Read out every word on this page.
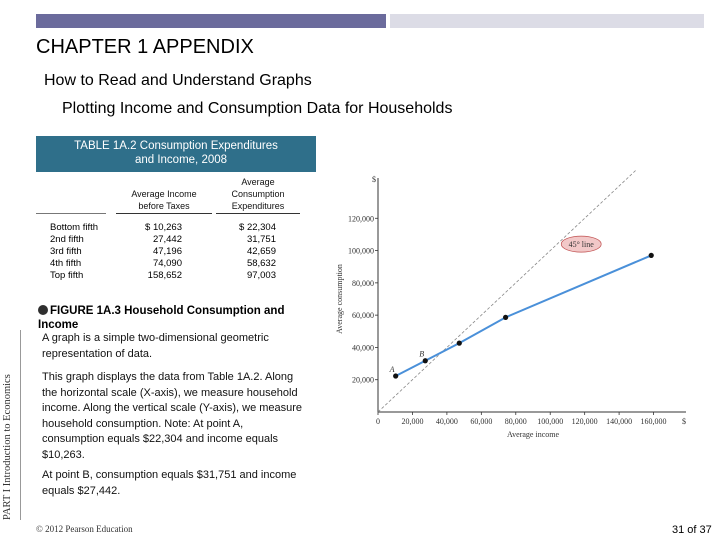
CHAPTER 1 APPENDIX
How to Read and Understand Graphs
Plotting Income and Consumption Data for Households
PART I Introduction to Economics
TABLE 1A.2 Consumption Expenditures
and Income, 2008
Average Income
before Taxes
Average
Consumption
Expenditures
Bottom fifth	$ 10,263	$ 22,304
2nd fifth	27,442	31,751
3rd fifth	47,196	42,659
4th fifth	74,090	58,632
Top fifth	158,652	97,003
FIGURE 1A.3 Household Consumption and
Income
A graph is a simple two-dimensional geometric representation of data.
This graph displays the data from Table 1A.2. Along the horizontal scale (X-axis), we measure household income. Along the vertical scale (Y-axis), we measure household consumption. Note: At point A, consumption equals $22,304 and income equals $10,263.
At point B, consumption equals $31,751 and income equals $27,442.
0	20,000 40,000 60,000 80,000 100,000 120,000 140,000 160,000
20,000
40,000
60,000
80,000
100,000
120,000
45° line
A
B
Average income
Average consumption
$
$
© 2012 Pearson Education	31 of 37
